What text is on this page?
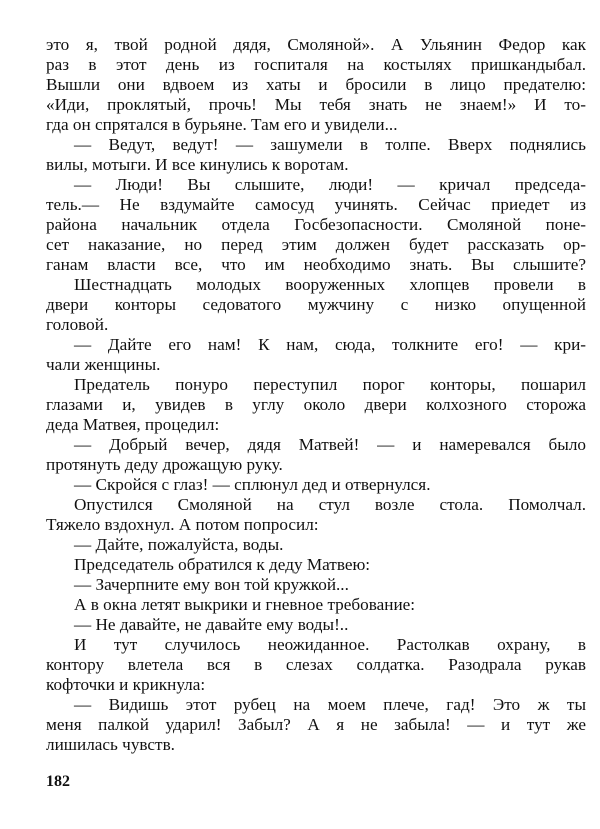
это я, твой родной дядя, Смоляной». А Ульянин Федор как
раз в этот день из госпиталя на костылях пришкандыбал.
Вышли они вдвоем из хаты и бросили в лицо предателю:
«Иди, проклятый, прочь! Мы тебя знать не знаем!» И то-
гда он спрятался в бурьяне. Там его и увидели...
— Ведут, ведут! — зашумели в толпе. Вверх поднялись
вилы, мотыги. И все кинулись к воротам.
— Люди! Вы слышите, люди! — кричал председа-
тель.— Не вздумайте самосуд учинять. Сейчас приедет из
района начальник отдела Госбезопасности. Смоляной поне-
сет наказание, но перед этим должен будет рассказать ор-
ганам власти все, что им необходимо знать. Вы слышите?
Шестнадцать молодых вооруженных хлопцев провели в
двери конторы седоватого мужчину с низко опущенной
головой.
— Дайте его нам! К нам, сюда, толкните его! — кри-
чали женщины.
Предатель понуро переступил порог конторы, пошарил
глазами и, увидев в углу около двери колхозного сторожа
деда Матвея, процедил:
— Добрый вечер, дядя Матвей! — и намеревался было
протянуть деду дрожащую руку.
— Скройся с глаз! — сплюнул дед и отвернулся.
Опустился Смоляной на стул возле стола. Помолчал.
Тяжело вздохнул. А потом попросил:
— Дайте, пожалуйста, воды.
Председатель обратился к деду Матвею:
— Зачерпните ему вон той кружкой...
А в окна летят выкрики и гневное требование:
— Не давайте, не давайте ему воды!..
И тут случилось неожиданное. Растолкав охрану, в
контору влетела вся в слезах солдатка. Разодрала рукав
кофточки и крикнула:
— Видишь этот рубец на моем плече, гад! Это ж ты
меня палкой ударил! Забыл? А я не забыла! — и тут же
лишилась чувств.
182
